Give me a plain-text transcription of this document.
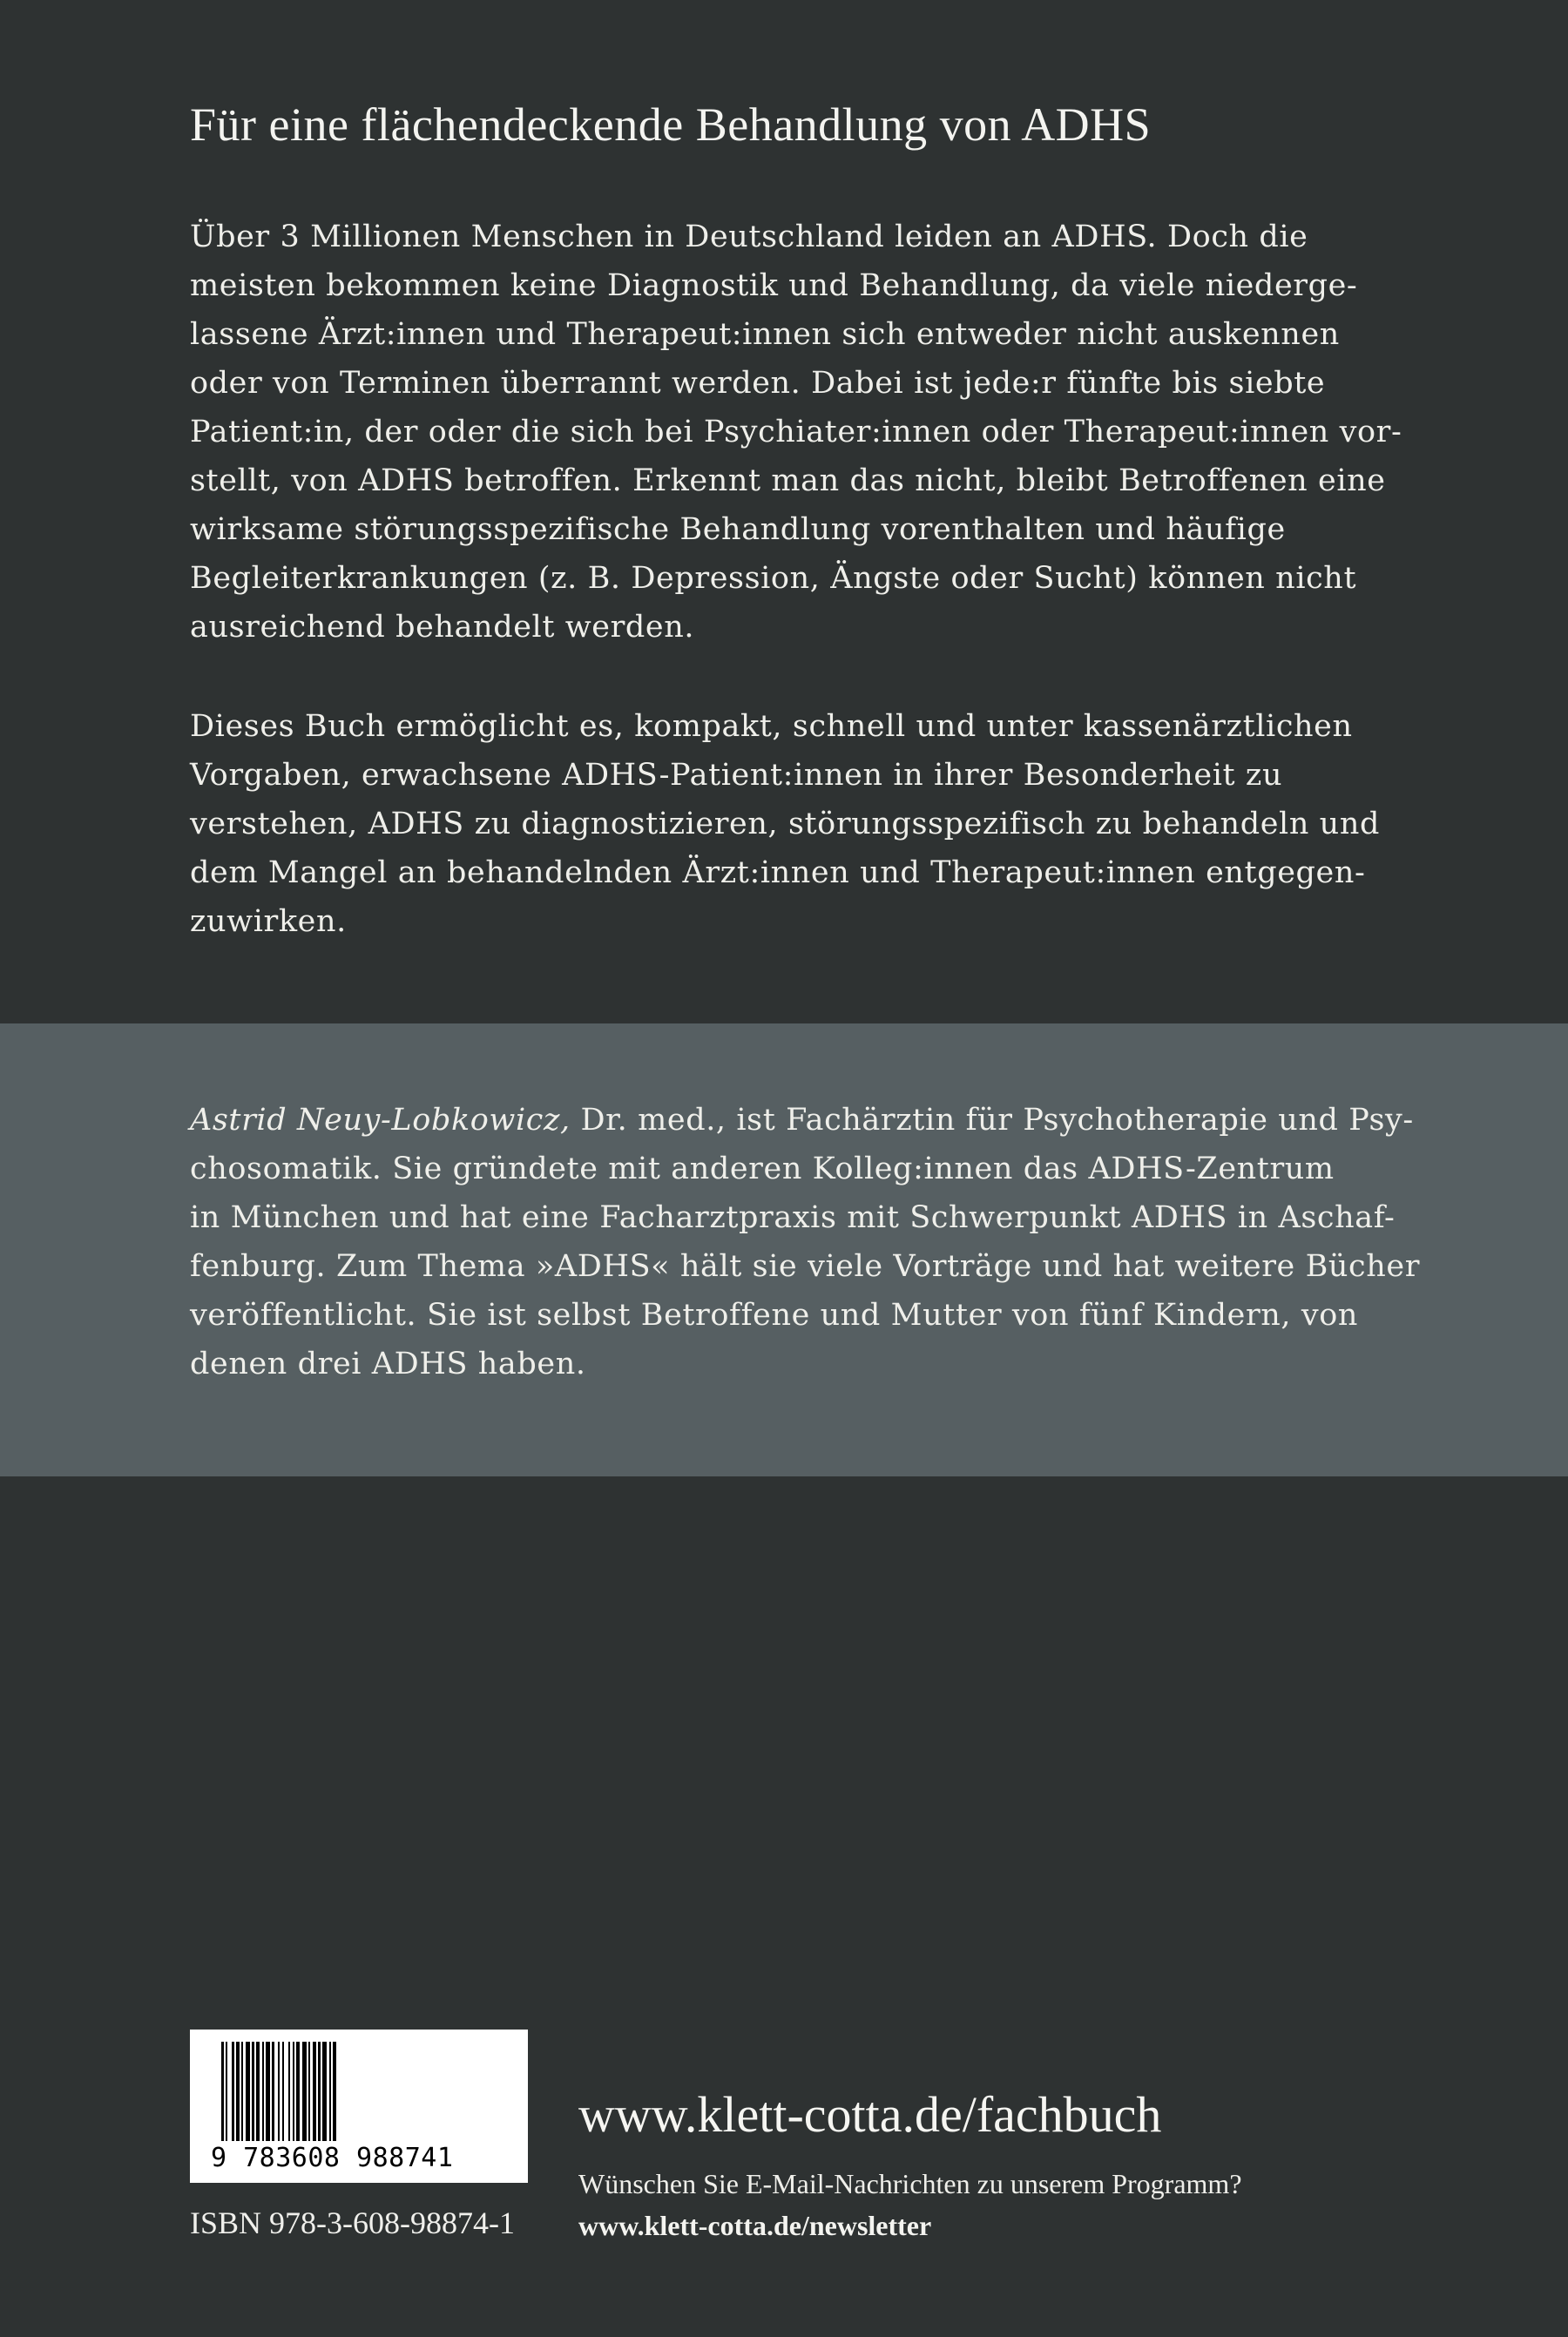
Für eine flächendeckende Behandlung von ADHS
Über 3 Millionen Menschen in Deutschland leiden an ADHS. Doch die
meisten bekommen keine Diagnostik und Behandlung, da viele niederge-
lassene Ärzt:innen und Therapeut:innen sich entweder nicht auskennen
oder von Terminen überrannt werden. Dabei ist jede:r fünfte bis siebte
Patient:in, der oder die sich bei Psychiater:innen oder Therapeut:innen vor-
stellt, von ADHS betroffen. Erkennt man das nicht, bleibt Betroffenen eine
wirksame störungsspezifische Behandlung vorenthalten und häufige
Begleiterkrankungen (z. B. Depression, Ängste oder Sucht) können nicht
ausreichend behandelt werden.
Dieses Buch ermöglicht es, kompakt, schnell und unter kassenärztlichen
Vorgaben, erwachsene ADHS-Patient:innen in ihrer Besonderheit zu
verstehen, ADHS zu diagnostizieren, störungsspezifisch zu behandeln und
dem Mangel an behandelnden Ärzt:innen und Therapeut:innen entgegen-
zuwirken.
Astrid Neuy-Lobkowicz, Dr. med., ist Fachärztin für Psychotherapie und Psy-
chosomatik. Sie gründete mit anderen Kolleg:innen das ADHS-Zentrum
in München und hat eine Facharztpraxis mit Schwerpunkt ADHS in Aschaf-
fenburg. Zum Thema »ADHS« hält sie viele Vorträge und hat weitere Bücher
veröffentlicht. Sie ist selbst Betroffene und Mutter von fünf Kindern, von
denen drei ADHS haben.
9 783608 988741
ISBN 978-3-608-98874-1
www.klett-cotta.de/fachbuch
Wünschen Sie E-Mail-Nachrichten zu unserem Programm?
www.klett-cotta.de/newsletter
